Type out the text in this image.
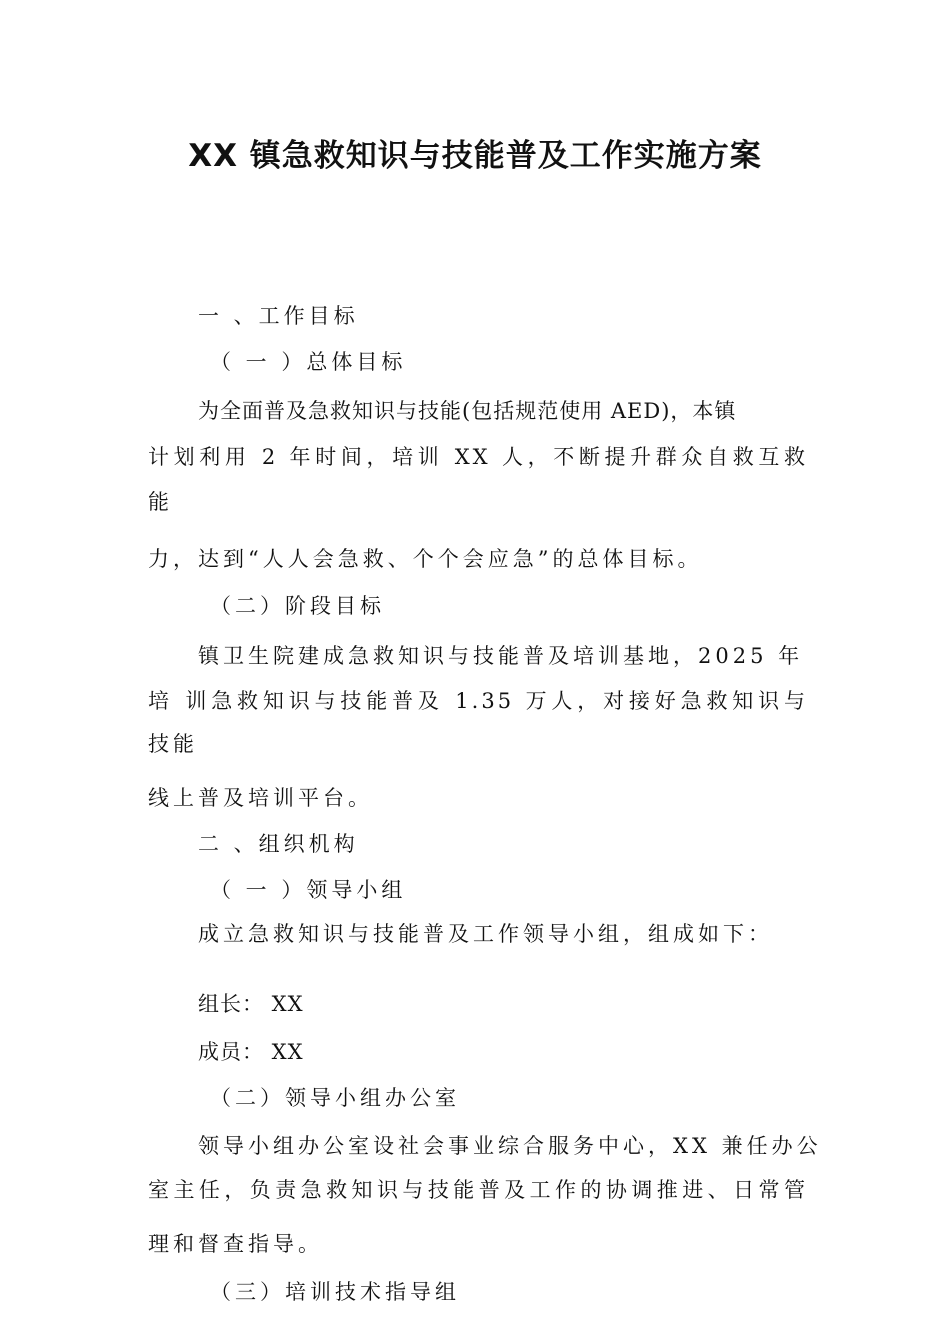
XX 镇急救知识与技能普及工作实施方案
一 、工作目标
（ 一 ）总体目标
为全面普及急救知识与技能(包括规范使用 AED)，本镇
计划利用 2 年时间，培训 XX 人，不断提升群众自救互救
能
力，达到“人人会急救、个个会应急”的总体目标。
（二）阶段目标
镇卫生院建成急救知识与技能普及培训基地，2025 年
培 训急救知识与技能普及 1.35 万人，对接好急救知识与
技能
线上普及培训平台。
二 、组织机构
（ 一 ）领导小组
成立急救知识与技能普及工作领导小组，组成如下：
组长： XX
成员： XX
（二）领导小组办公室
领导小组办公室设社会事业综合服务中心，XX 兼任办公
室主任，负责急救知识与技能普及工作的协调推进、日常管
理和督查指导。
（三）培训技术指导组
